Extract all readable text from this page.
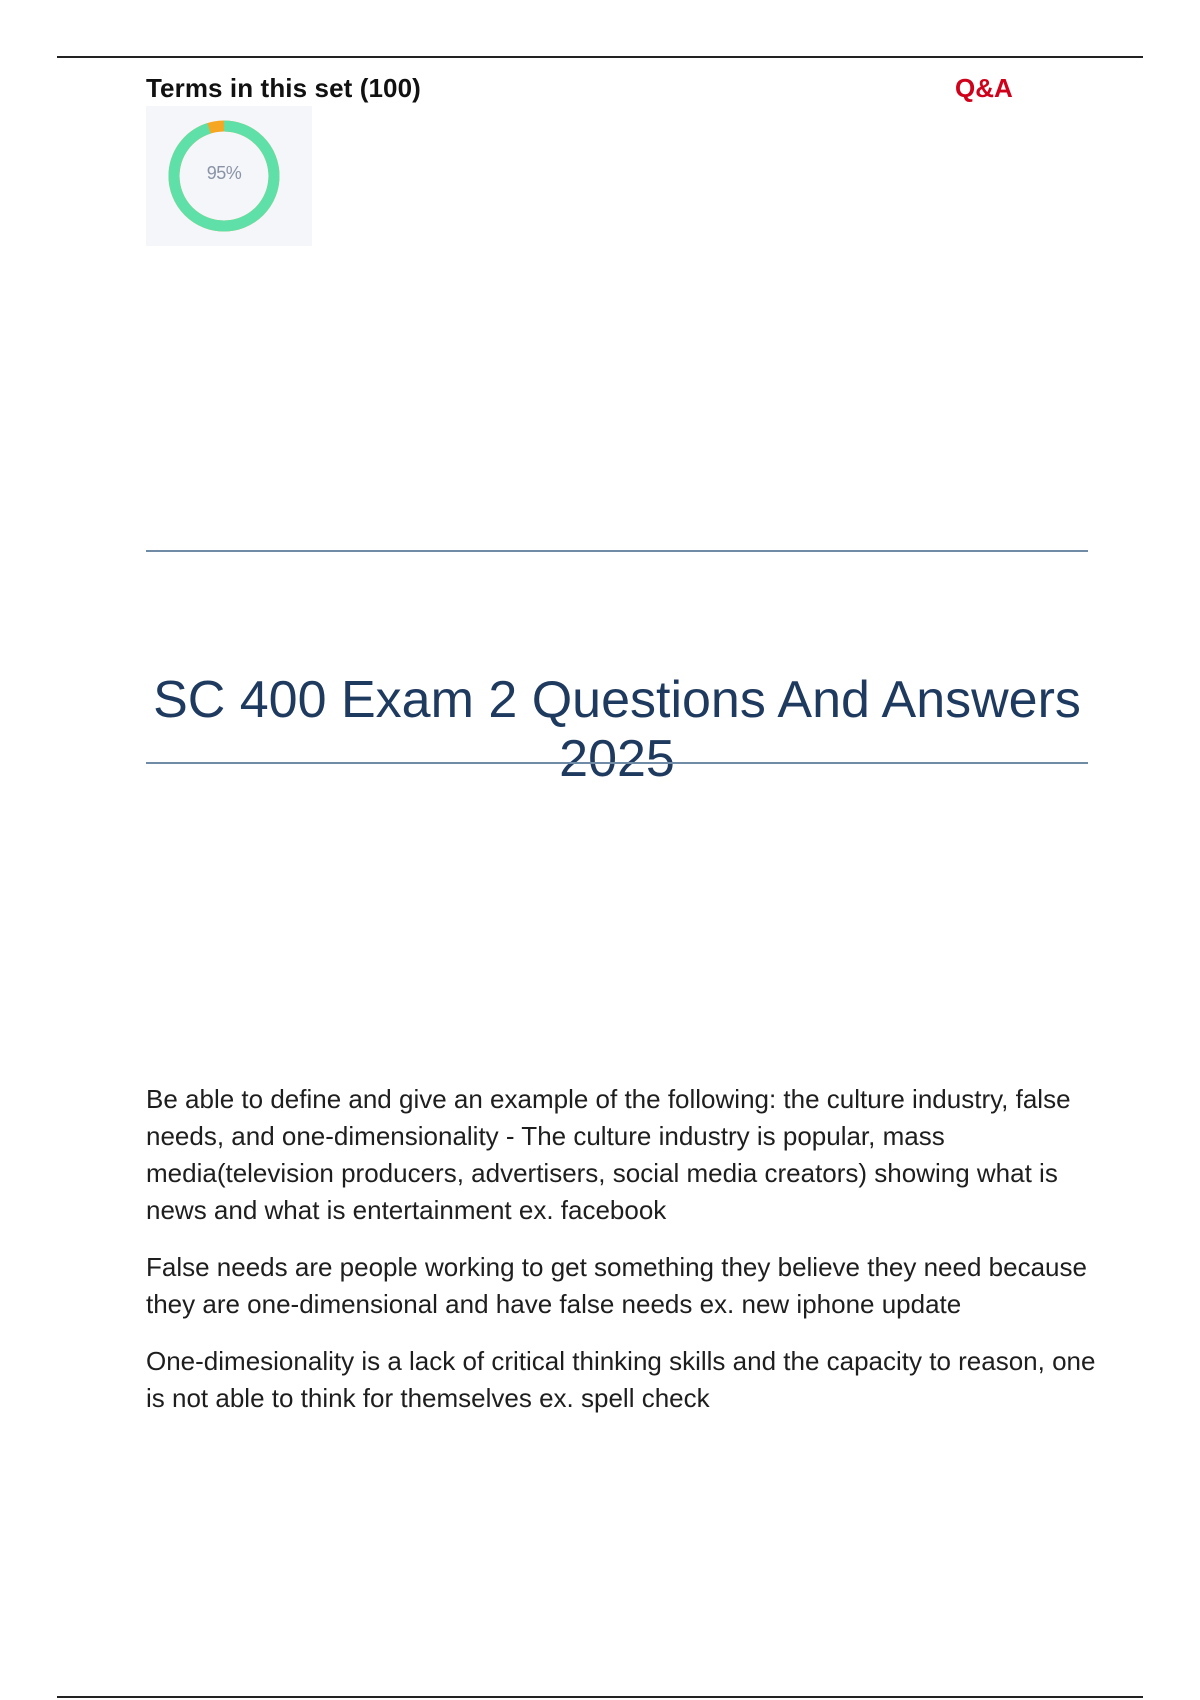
Terms in this set (100)	Q&A
95%
SC 400 Exam 2 Questions And Answers 2025

Be able to define and give an example of the following: the culture industry, false needs, and one-dimensionality - The culture industry is popular, mass media(television producers, advertisers, social media creators) showing what is news and what is entertainment ex. facebook

False needs are people working to get something they believe they need because they are one-dimensional and have false needs ex. new iphone update

One-dimesionality is a lack of critical thinking skills and the capacity to reason, one is not able to think for themselves ex. spell check
